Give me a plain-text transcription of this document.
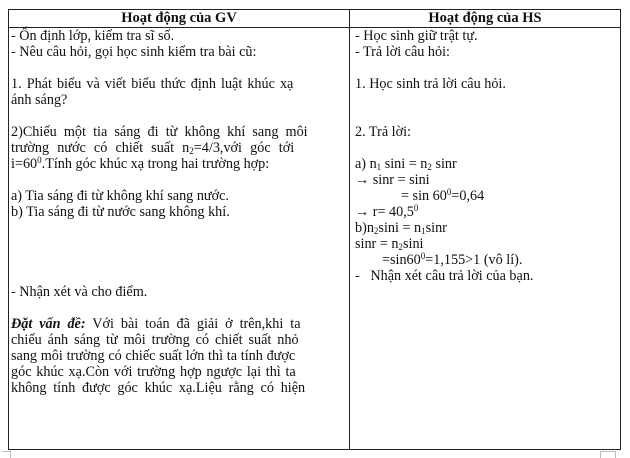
Hoạt động của GV	Hoạt động của HS
- Ổn định lớp, kiểm tra sĩ số.
- Nêu câu hỏi, gọi học sinh kiểm tra bài cũ:
1. Phát biểu và viết biểu thức định luật khúc xạ
ánh sáng?
2)Chiếu một tia sáng đi từ không khí sang môi
trường nước có chiết suất $n_2=4/3,với$ góc tới
$i=60^0.Tính$ góc khúc xạ trong hai trường hợp:
a) Tia sáng đi từ không khí sang nước.
b) Tia sáng đi từ nước sang không khí.
- Nhận xét và cho điểm.
Đặt vấn đề: Với bài toán đã giải ở trên,khi ta
chiếu ánh sáng từ môi trường có chiết suất nhỏ
sang môi trường có chiếc suất lớn thì ta tính được
góc khúc xạ.Còn với trường hợp ngược lại thì ta
không tính được góc khúc xạ.Liệu rằng có hiện
- Học sinh giữ trật tự.
- Trả lời câu hỏi:
1. Học sinh trả lời câu hỏi.
2. Trả lời:
a) $n_1$ $\sin i = n_2$ sinr
→ sinr = sini
= $\sin 60^0=0,64$
→ $r= 40,5^0$
$b)n_2\sin i = n_1\sin r$
$\sin r = n_2\sin i$
$=\sin 60^0=1,155>1$ (vô lí).
-   Nhận xét câu trả lời của bạn.
